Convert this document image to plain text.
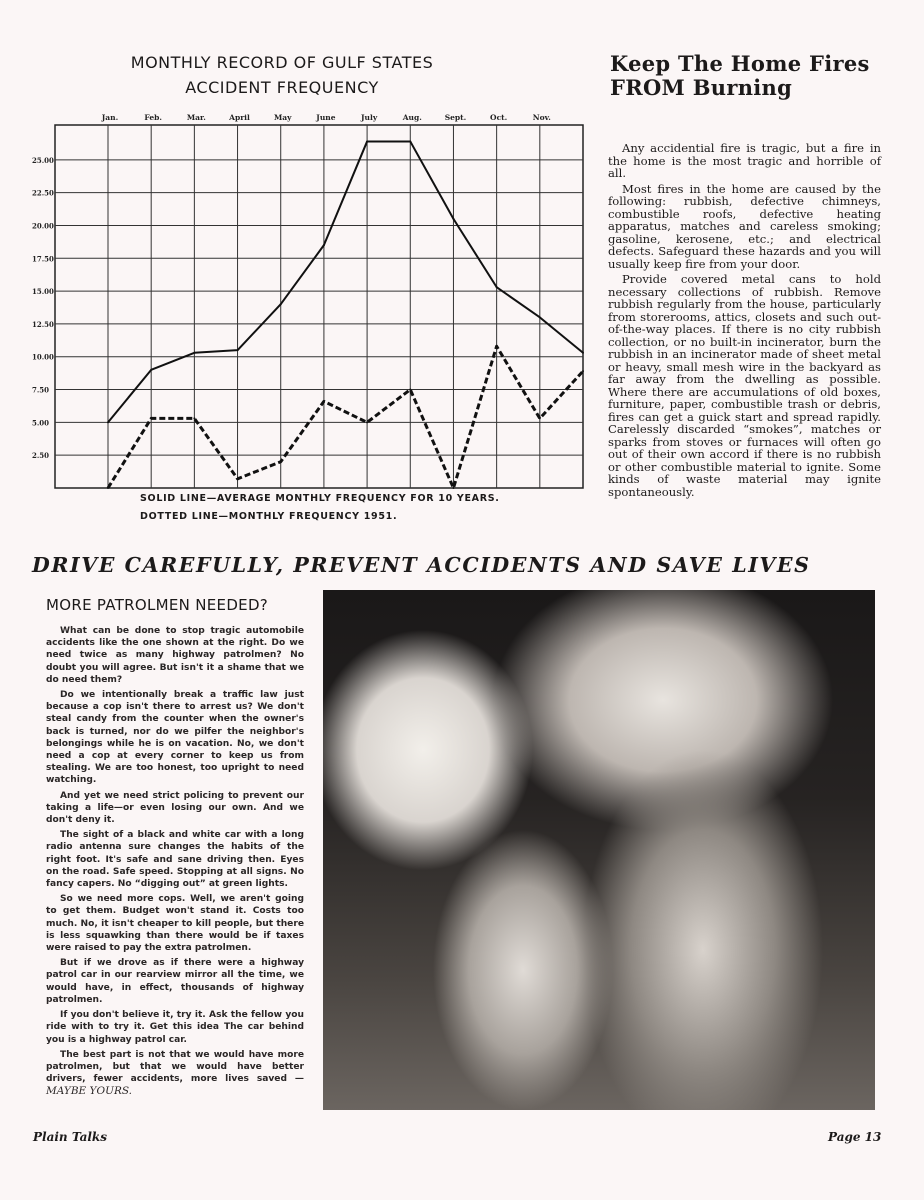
MONTHLY RECORD OF GULF STATES
ACCIDENT FREQUENCY
Jan.	Feb.	Mar.	April	May	June	July	Aug.	Sept.	Oct.	Nov.
2.50
5.00
7.50
10.00
12.50
15.00
17.50
20.00
22.50
25.00
SOLID LINE—AVERAGE MONTHLY FREQUENCY FOR 10 YEARS.
DOTTED LINE—MONTHLY FREQUENCY 1951.
Keep The Home Fires FROM Burning

Any accidential fire is tragic, but a fire in the home is the most tragic and horrible of all.

Most fires in the home are caused by the following: rubbish, defective chimneys, combustible roofs, defective heating apparatus, matches and careless smoking; gasoline, kerosene, etc.; and electrical defects. Safeguard these hazards and you will usually keep fire from your door.

Provide covered metal cans to hold necessary collections of rubbish. Remove rubbish regularly from the house, particularly from storerooms, attics, closets and such out-of-the-way places. If there is no city rubbish collection, or no built-in incinerator, burn the rubbish in an incinerator made of sheet metal or heavy, small mesh wire in the backyard as far away from the dwelling as possible. Where there are accumulations of old boxes, furniture, paper, combustible trash or debris, fires can get a guick start and spread rapidly. Carelessly discarded “smokes”, matches or sparks from stoves or furnaces will often go out of their own accord if there is no rubbish or other combustible material to ignite. Some kinds of waste material may ignite spontaneously.

DRIVE CAREFULLY, PREVENT ACCIDENTS AND SAVE LIVES
MORE PATROLMEN NEEDED?

What can be done to stop tragic automobile accidents like the one shown at the right. Do we need twice as many highway patrolmen? No doubt you will agree. But isn't it a shame that we do need them?

Do we intentionally break a traffic law just because a cop isn't there to arrest us? We don't steal candy from the counter when the owner's back is turned, nor do we pilfer the neighbor's belongings while he is on vacation. No, we don't need a cop at every corner to keep us from stealing. We are too honest, too upright to need watching.

And yet we need strict policing to prevent our taking a life—or even losing our own. And we don't deny it.

The sight of a black and white car with a long radio antenna sure changes the habits of the right foot. It's safe and sane driving then. Eyes on the road. Safe speed. Stopping at all signs. No fancy capers. No “digging out” at green lights.

So we need more cops. Well, we aren't going to get them. Budget won't stand it. Costs too much. No, it isn't cheaper to kill people, but there is less squawking than there would be if taxes were raised to pay the extra patrolmen.

But if we drove as if there were a highway patrol car in our rearview mirror all the time, we would have, in effect, thousands of highway patrolmen.

If you don't believe it, try it. Ask the fellow you ride with to try it. Get this idea The car behind you is a highway patrol car.

The best part is not that we would have more patrolmen, but that we would have better drivers, fewer accidents, more lives saved — MAYBE YOURS.

Plain Talks	Page 13
